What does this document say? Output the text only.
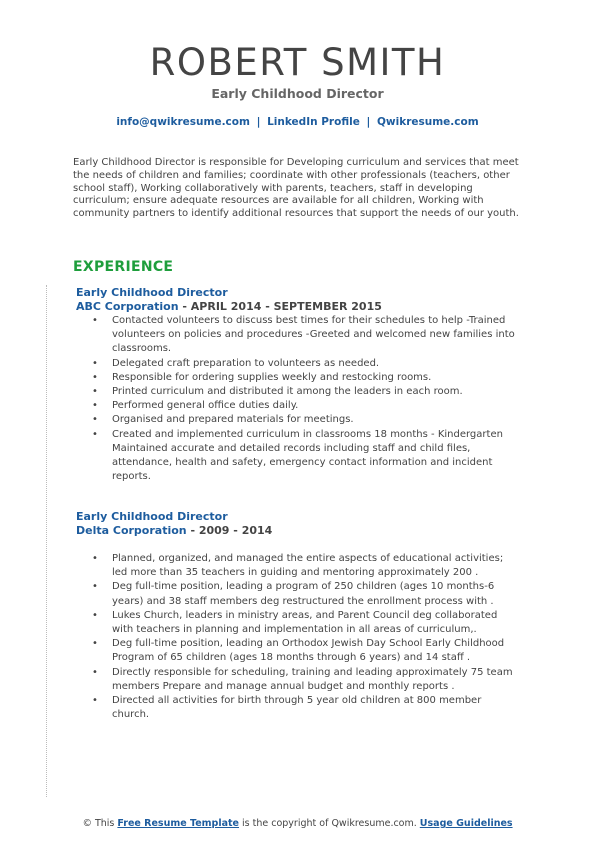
ROBERT SMITH
Early Childhood Director
info@qwikresume.com | LinkedIn Profile | Qwikresume.com
Early Childhood Director is responsible for Developing curriculum and services that meet the needs of children and families; coordinate with other professionals (teachers, other school staff), Working collaboratively with parents, teachers, staff in developing curriculum; ensure adequate resources are available for all children, Working with community partners to identify additional resources that support the needs of our youth.
EXPERIENCE
Early Childhood Director
ABC Corporation - APRIL 2014 - SEPTEMBER 2015
• Contacted volunteers to discuss best times for their schedules to help -Trained volunteers on policies and procedures -Greeted and welcomed new families into classrooms.
• Delegated craft preparation to volunteers as needed.
• Responsible for ordering supplies weekly and restocking rooms.
• Printed curriculum and distributed it among the leaders in each room.
• Performed general office duties daily.
• Organised and prepared materials for meetings.
• Created and implemented curriculum in classrooms 18 months - Kindergarten Maintained accurate and detailed records including staff and child files, attendance, health and safety, emergency contact information and incident reports.
Early Childhood Director
Delta Corporation - 2009 - 2014
• Planned, organized, and managed the entire aspects of educational activities; led more than 35 teachers in guiding and mentoring approximately 200 .
• Deg full-time position, leading a program of 250 children (ages 10 months-6 years) and 38 staff members deg restructured the enrollment process with .
• Lukes Church, leaders in ministry areas, and Parent Council deg collaborated with teachers in planning and implementation in all areas of curriculum,.
• Deg full-time position, leading an Orthodox Jewish Day School Early Childhood Program of 65 children (ages 18 months through 6 years) and 14 staff .
• Directly responsible for scheduling, training and leading approximately 75 team members Prepare and manage annual budget and monthly reports .
• Directed all activities for birth through 5 year old children at 800 member church.
© This Free Resume Template is the copyright of Qwikresume.com. Usage Guidelines
